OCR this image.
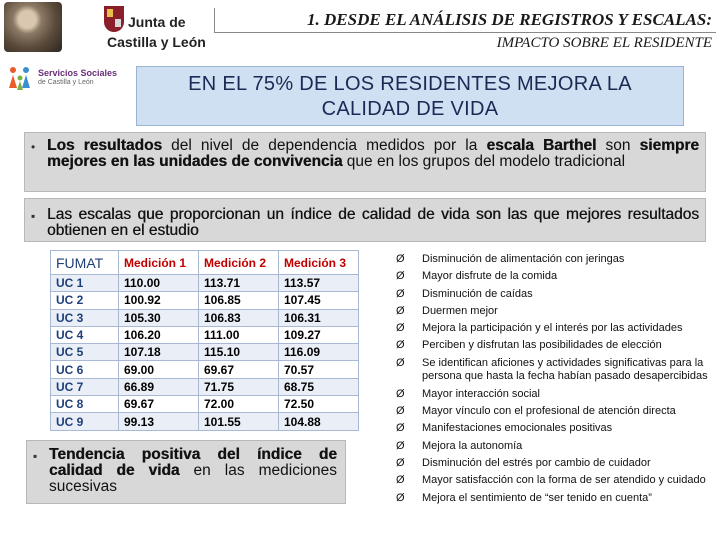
Junta de
Castilla y León
Servicios Sociales
de Castilla y León
1. DESDE EL ANÁLISIS DE REGISTROS Y ESCALAS:
IMPACTO SOBRE EL RESIDENTE
EN EL 75% DE LOS RESIDENTES MEJORA LA
CALIDAD DE VIDA
• Los resultados del nivel de dependencia medidos por la escala Barthel son siempre mejores en las unidades de convivencia que en los grupos del modelo tradicional

▪ Las escalas que proporcionan un índice de calidad de vida son las que mejores resultados obtienen en el estudio

FUMAT	Medición 1	Medición 2	Medición 3
UC 1	110.00	113.71	113.57
UC 2	100.92	106.85	107.45
UC 3	105.30	106.83	106.31
UC 4	106.20	111.00	109.27
UC 5	107.18	115.10	116.09
UC 6	69.00	69.67	70.57
UC 7	66.89	71.75	68.75
UC 8	69.67	72.00	72.50
UC 9	99.13	101.55	104.88
▪ Tendencia positiva del índice de calidad de vida en las mediciones sucesivas

Ø Disminución de alimentación con jeringas
Ø Mayor disfrute de la comida
Ø Disminución de caídas
Ø Duermen mejor
Ø Mejora la participación y el interés por las actividades
Ø Perciben y disfrutan las posibilidades de elección
Ø Se identifican aficiones y actividades significativas para la persona que hasta la fecha habían pasado desapercibidas
Ø Mayor interacción social
Ø Mayor vínculo con el profesional de atención directa
Ø Manifestaciones emocionales positivas
Ø Mejora la autonomía
Ø Disminución del estrés por cambio de cuidador
Ø Mayor satisfacción con la forma de ser atendido y cuidado
Ø Mejora el sentimiento de “ser tenido en cuenta”
